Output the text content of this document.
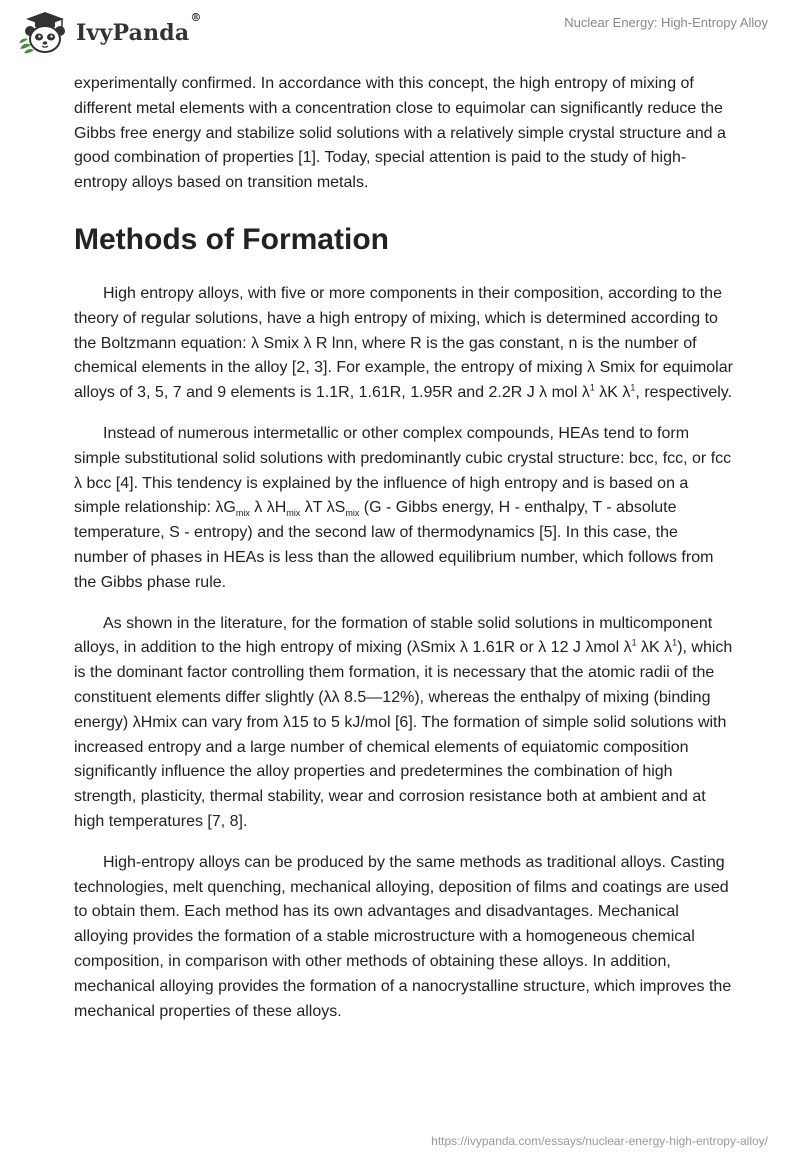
IvyPanda®	Nuclear Energy: High-Entropy Alloy

experimentally confirmed. In accordance with this concept, the high entropy of mixing of different metal elements with a concentration close to equimolar can significantly reduce the Gibbs free energy and stabilize solid solutions with a relatively simple crystal structure and a good combination of properties [1]. Today, special attention is paid to the study of high-entropy alloys based on transition metals.

Methods of Formation

High entropy alloys, with five or more components in their composition, according to the theory of regular solutions, have a high entropy of mixing, which is determined according to the Boltzmann equation: λ Smix λ R lnn, where R is the gas constant, n is the number of chemical elements in the alloy [2, 3]. For example, the entropy of mixing λ Smix for equimolar alloys of 3, 5, 7 and 9 elements is 1.1R, 1.61R, 1.95R and 2.2R J λ mol $\lambda^1$ λK $\lambda^1$, respectively.

Instead of numerous intermetallic or other complex compounds, HEAs tend to form simple substitutional solid solutions with predominantly cubic crystal structure: bcc, fcc, or fcc λ bcc [4]. This tendency is explained by the influence of high entropy and is based on a simple relationship: $\lambda G_{mix}$ λ $\lambda H_{mix}$ λT $\lambda S_{mix}$ (G - Gibbs energy, H - enthalpy, T - absolute temperature, S - entropy) and the second law of thermodynamics [5]. In this case, the number of phases in HEAs is less than the allowed equilibrium number, which follows from the Gibbs phase rule.

As shown in the literature, for the formation of stable solid solutions in multicomponent alloys, in addition to the high entropy of mixing (λSmix λ 1.61R or λ 12 J λmol $\lambda^1$ λK $\lambda^1$), which is the dominant factor controlling them formation, it is necessary that the atomic radii of the constituent elements differ slightly (λλ 8.5—12%), whereas the enthalpy of mixing (binding energy) λHmix can vary from λ15 to 5 kJ/mol [6]. The formation of simple solid solutions with increased entropy and a large number of chemical elements of equiatomic composition significantly influence the alloy properties and predetermines the combination of high strength, plasticity, thermal stability, wear and corrosion resistance both at ambient and at high temperatures [7, 8].

High-entropy alloys can be produced by the same methods as traditional alloys. Casting technologies, melt quenching, mechanical alloying, deposition of films and coatings are used to obtain them. Each method has its own advantages and disadvantages. Mechanical alloying provides the formation of a stable microstructure with a homogeneous chemical composition, in comparison with other methods of obtaining these alloys. In addition, mechanical alloying provides the formation of a nanocrystalline structure, which improves the mechanical properties of these alloys.

https://ivypanda.com/essays/nuclear-energy-high-entropy-alloy/
